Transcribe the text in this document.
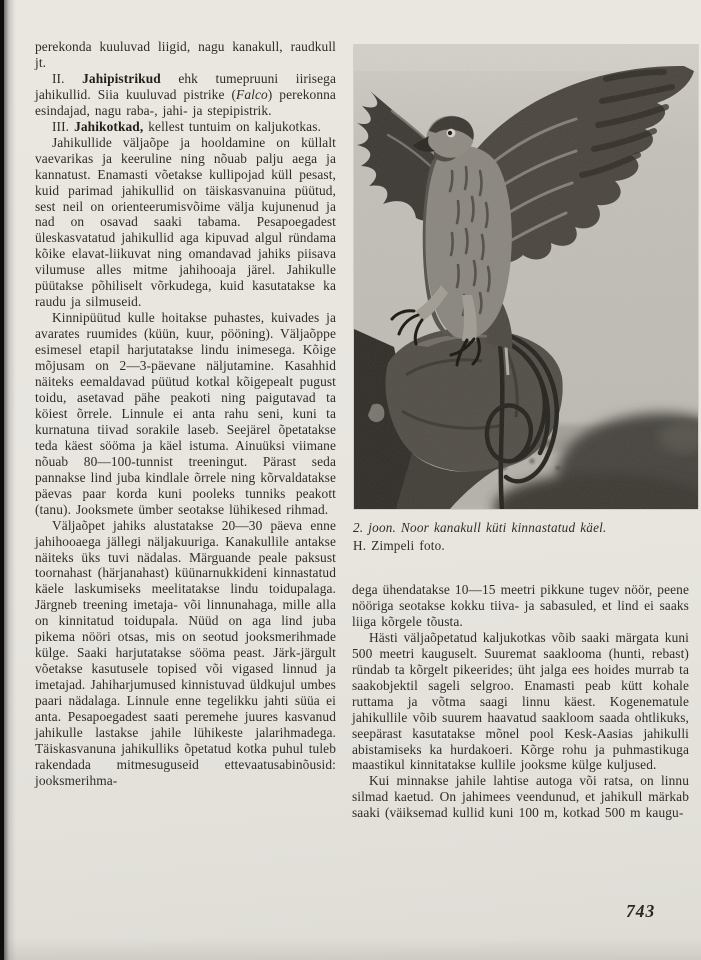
perekonda kuuluvad liigid, nagu kanakull, raudkull jt.

II. Jahipistrikud ehk tumepruuni iirisega jahikullid. Siia kuuluvad pistrike (Falco) perekonna esindajad, nagu raba-, jahi- ja stepipistrik.

III. Jahikotkad, kellest tuntuim on kaljukotkas.

Jahikullide väljaõpe ja hooldamine on küllalt vaevarikas ja keeruline ning nõuab palju aega ja kannatust. Enamasti võetakse kullipojad küll pesast, kuid parimad jahikullid on täiskasvanuina püütud, sest neil on orienteerumisvõime välja kujunenud ja nad on osavad saaki tabama. Pesapoegadest üleskasvatatud jahikullid aga kipuvad algul ründama kõike elavat-liikuvat ning omandavad jahiks piisava vilumuse alles mitme jahihooaja järel. Jahikulle püütakse põhiliselt võrkudega, kuid kasutatakse ka raudu ja silmuseid.

Kinnipüütud kulle hoitakse puhastes, kuivades ja avarates ruumides (küün, kuur, pööning). Väljaõppe esimesel etapil harjutatakse lindu inimesega. Kõige mõjusam on 2—3-päevane näljutamine. Kasahhid näiteks eemaldavad püütud kotkal kõigepealt pugust toidu, asetavad pähe peakoti ning paigutavad ta köiest õrrele. Linnule ei anta rahu seni, kuni ta kurnatuna tiivad sorakile laseb. Seejärel õpetatakse teda käest sööma ja käel istuma. Ainuüksi viimane nõuab 80—100-tunnist treeningut. Pärast seda pannakse lind juba kindlale õrrele ning kõrvaldatakse päevas paar korda kuni pooleks tunniks peakott (tanu). Jooksmete ümber seotakse lühikesed rihmad.

Väljaõpet jahiks alustatakse 20—30 päeva enne jahihooaega jällegi näljakuuriga. Kanakullile antakse näiteks üks tuvi nädalas. Märguande peale paksust toornahast (härjanahast) küünarnukkideni kinnastatud käele laskumiseks meelitatakse lindu toidupalaga. Järgneb treening imetaja- või linnunahaga, mille alla on kinnitatud toidupala. Nüüd on aga lind juba pikema nööri otsas, mis on seotud jooksmerihmade külge. Saaki harjutatakse sööma peast. Järk-järgult võetakse kasutusele topised või vigased linnud ja imetajad. Jahiharjumused kinnistuvad üldkujul umbes paari nädalaga. Linnule enne tegelikku jahti süüa ei anta. Pesapoegadest saati peremehe juures kasvanud jahikulle lastakse jahile lühikeste jalarihmadega. Täiskasvanuna jahikulliks õpetatud kotka puhul tuleb rakendada mitmesuguseid ettevaatusabinõusid: jooksmerihma-

2. joon. Noor kanakull küti kinnastatud käel.
H. Zimpeli foto.

dega ühendatakse 10—15 meetri pikkune tugev nöör, peene nööriga seotakse kokku tiiva- ja sabasuled, et lind ei saaks liiga kõrgele tõusta.

Hästi väljaõpetatud kaljukotkas võib saaki märgata kuni 500 meetri kauguselt. Suuremat saaklooma (hunti, rebast) ründab ta kõrgelt pikeerides; üht jalga ees hoides murrab ta saakobjektil sageli selgroo. Enamasti peab kütt kohale ruttama ja võtma saagi linnu käest. Kogenematule jahikullile võib suurem haavatud saakloom saada ohtlikuks, seepärast kasutatakse mõnel pool Kesk-Aasias jahikulli abistamiseks ka hurdakoeri. Kõrge rohu ja puhmastikuga maastikul kinnitatakse kullile jooksme külge kuljused.

Kui minnakse jahile lahtise autoga või ratsa, on linnu silmad kaetud. On jahimees veendunud, et jahikull märkab saaki (väiksemad kullid kuni 100 m, kotkad 500 m kaugu-

743
